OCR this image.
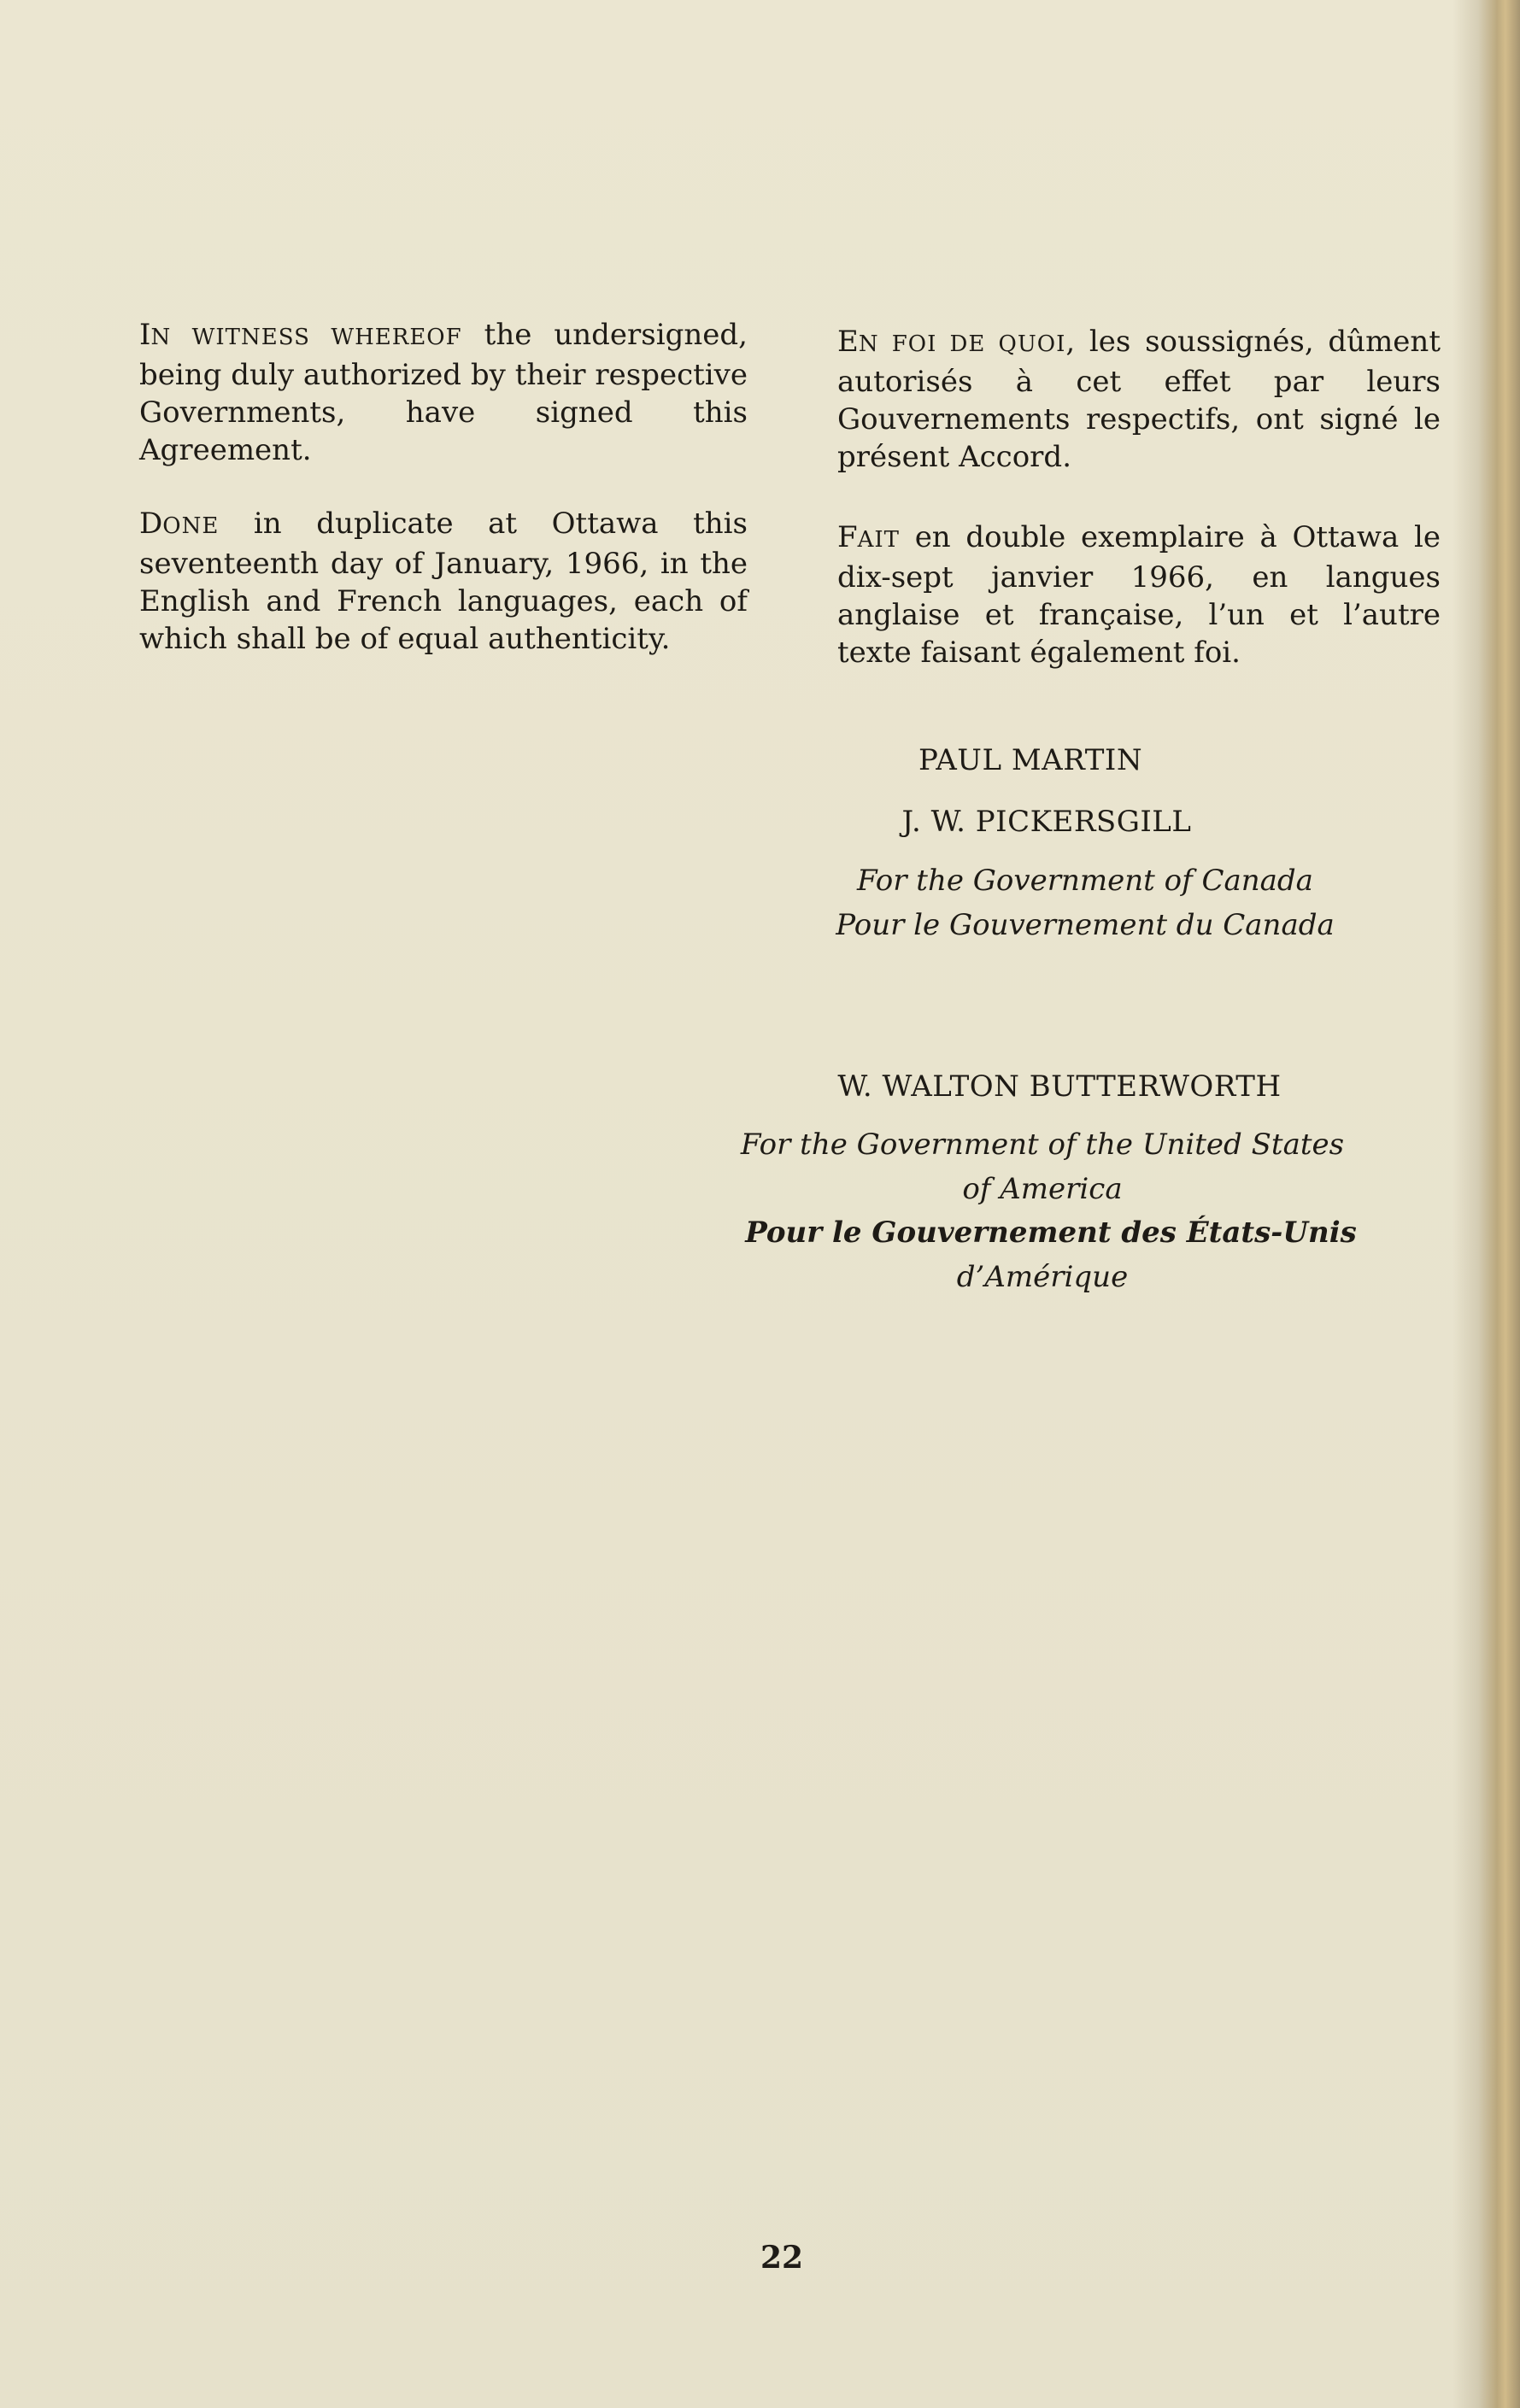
IN WITNESS WHEREOF the undersigned, being duly authorized by their respective Governments, have signed this Agreement.

DONE in duplicate at Ottawa this seventeenth day of January, 1966, in the English and French languages, each of which shall be of equal authenticity.

EN FOI DE QUOI, les soussignés, dûment autorisés à cet effet par leurs Gouvernements respectifs, ont signé le présent Accord.

FAIT en double exemplaire à Ottawa le dix-sept janvier 1966, en langues anglaise et française, l’un et l’autre texte faisant également foi.

PAUL MARTIN
J. W. PICKERSGILL
For the Government of Canada
Pour le Gouvernement du Canada
W. WALTON BUTTERWORTH
For the Government of the United States
of America
Pour le Gouvernement des États-Unis
d’Amérique
22
